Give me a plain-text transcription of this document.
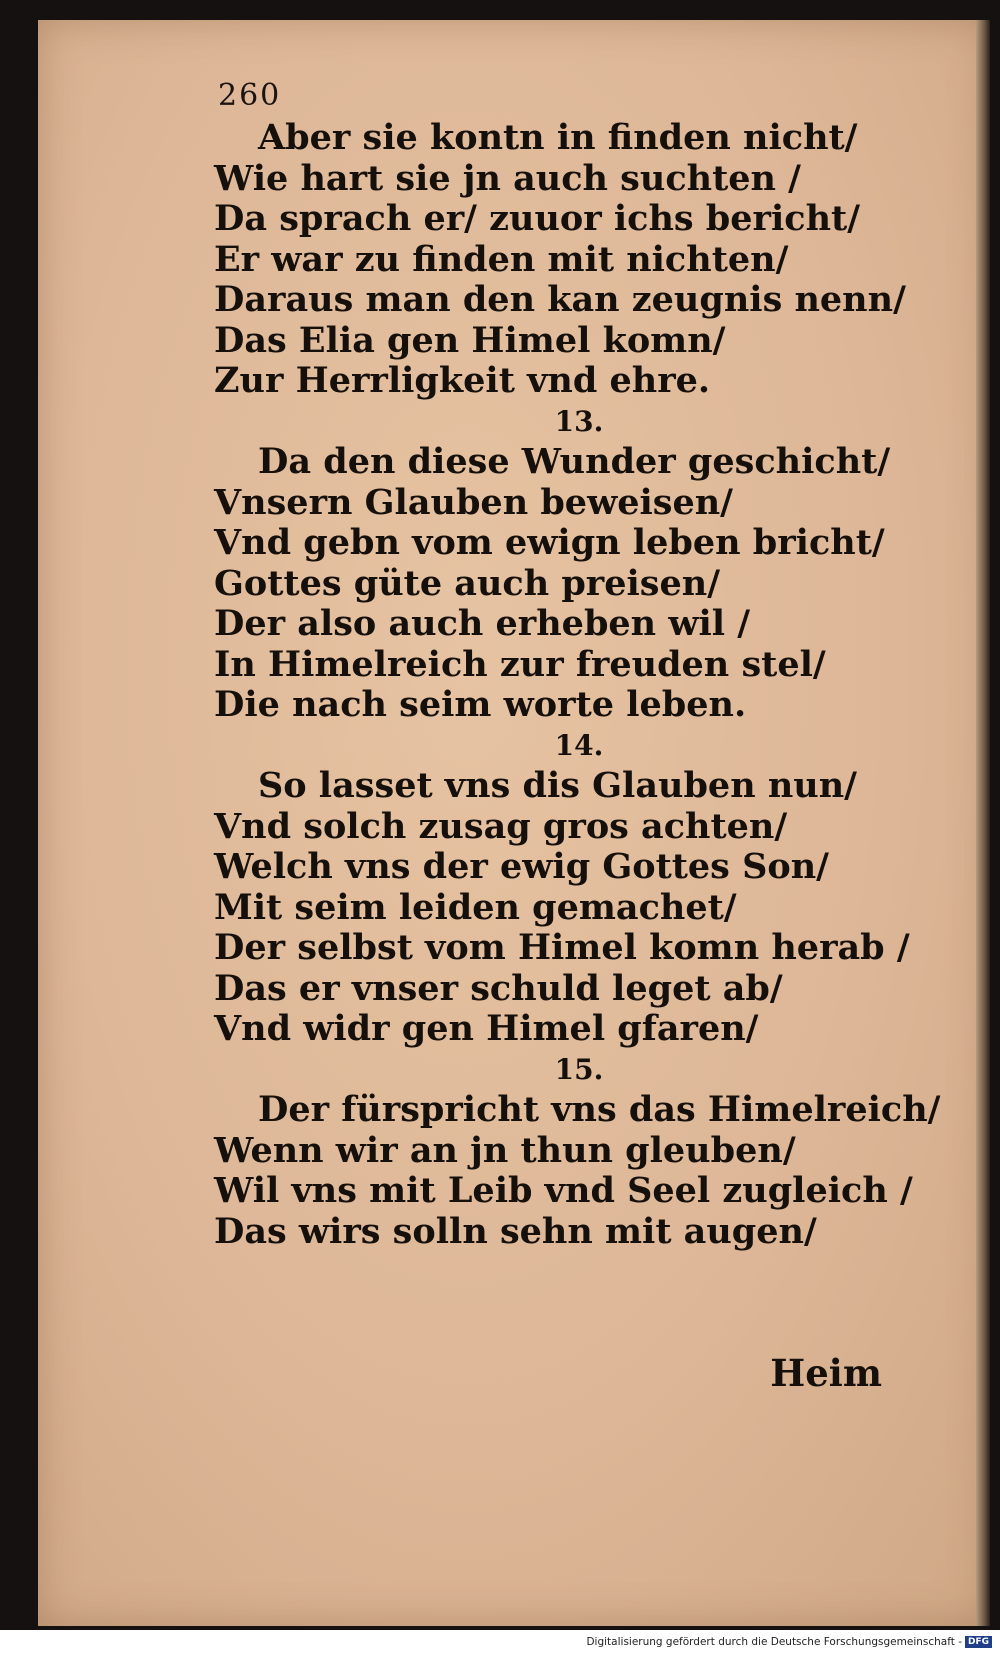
260
Aber sie kontn in finden nicht/
Wie hart sie jn auch suchten /
Da sprach er/ zuuor ichs bericht/
Er war zu finden mit nichten/
Daraus man den kan zeugnis nenn/
Das Elia gen Himel komn/
Zur Herrligkeit vnd ehre.
13.
Da den diese Wunder geschicht/
Vnsern Glauben beweisen/
Vnd gebn vom ewign leben bricht/
Gottes güte auch preisen/
Der also auch erheben wil /
In Himelreich zur freuden stel/
Die nach seim worte leben.
14.
So lasset vns dis Glauben nun/
Vnd solch zusag gros achten/
Welch vns der ewig Gottes Son/
Mit seim leiden gemachet/
Der selbst vom Himel komn herab /
Das er vnser schuld leget ab/
Vnd widr gen Himel gfaren/
15.
Der fürspricht vns das Himelreich/
Wenn wir an jn thun gleuben/
Wil vns mit Leib vnd Seel zugleich /
Das wirs solln sehn mit augen/
Heim
Digitalisierung gefördert durch die Deutsche Forschungsgemeinschaft - DFG
